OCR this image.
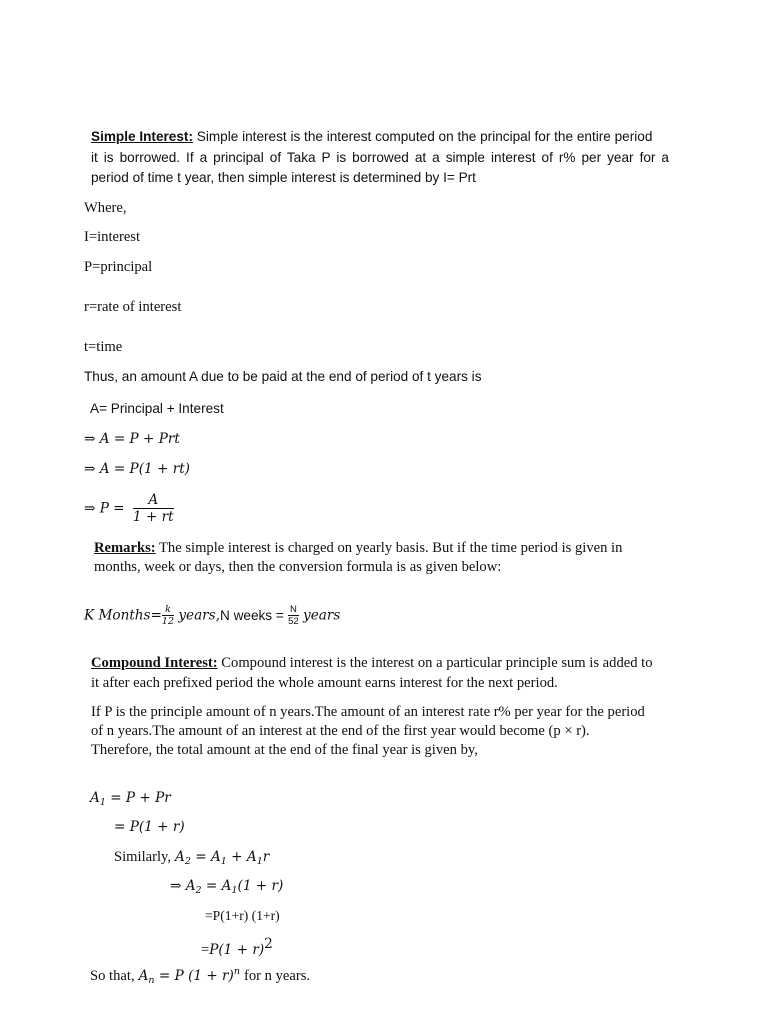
Simple Interest: Simple interest is the interest computed on the principal for the entire period
it is borrowed. If a principal of Taka P is borrowed at a simple interest of r% per year for a
period of time t year, then simple interest is determined by I= Prt
Where,
I=interest
P=principal
r=rate of interest
t=time
Thus, an amount A due to be paid at the end of period of t years is
A= Principal + Interest
⇒ A = P + Prt
⇒ A = P(1 + rt)
⇒ $P = \frac{A}{1 + rt}$
Remarks: The simple interest is charged on yearly basis. But if the time period is given in
months, week or days, then the conversion formula is as given below:
K Months= $\frac{k}{12}$ years,N weeks = $\frac{N}{52}$ years
Compound Interest: Compound interest is the interest on a particular principle sum is added to
it after each prefixed period the whole amount earns interest for the next period.
If P is the principle amount of n years.The amount of an interest rate r% per year for the period
of n years.The amount of an interest at the end of the first year would become (p × r).
Therefore, the total amount at the end of the final year is given by,
$A_1 = P + Pr$
= P(1 + r)
Similarly, $A_2 = A_1 + A_1r$
⇒ $A_2 = A_1(1 + r)$
=P(1+r) (1+r)
$=P(1 + r)^2$
So that, $A_n = P$ $(1 + r)^n$ for n years.
